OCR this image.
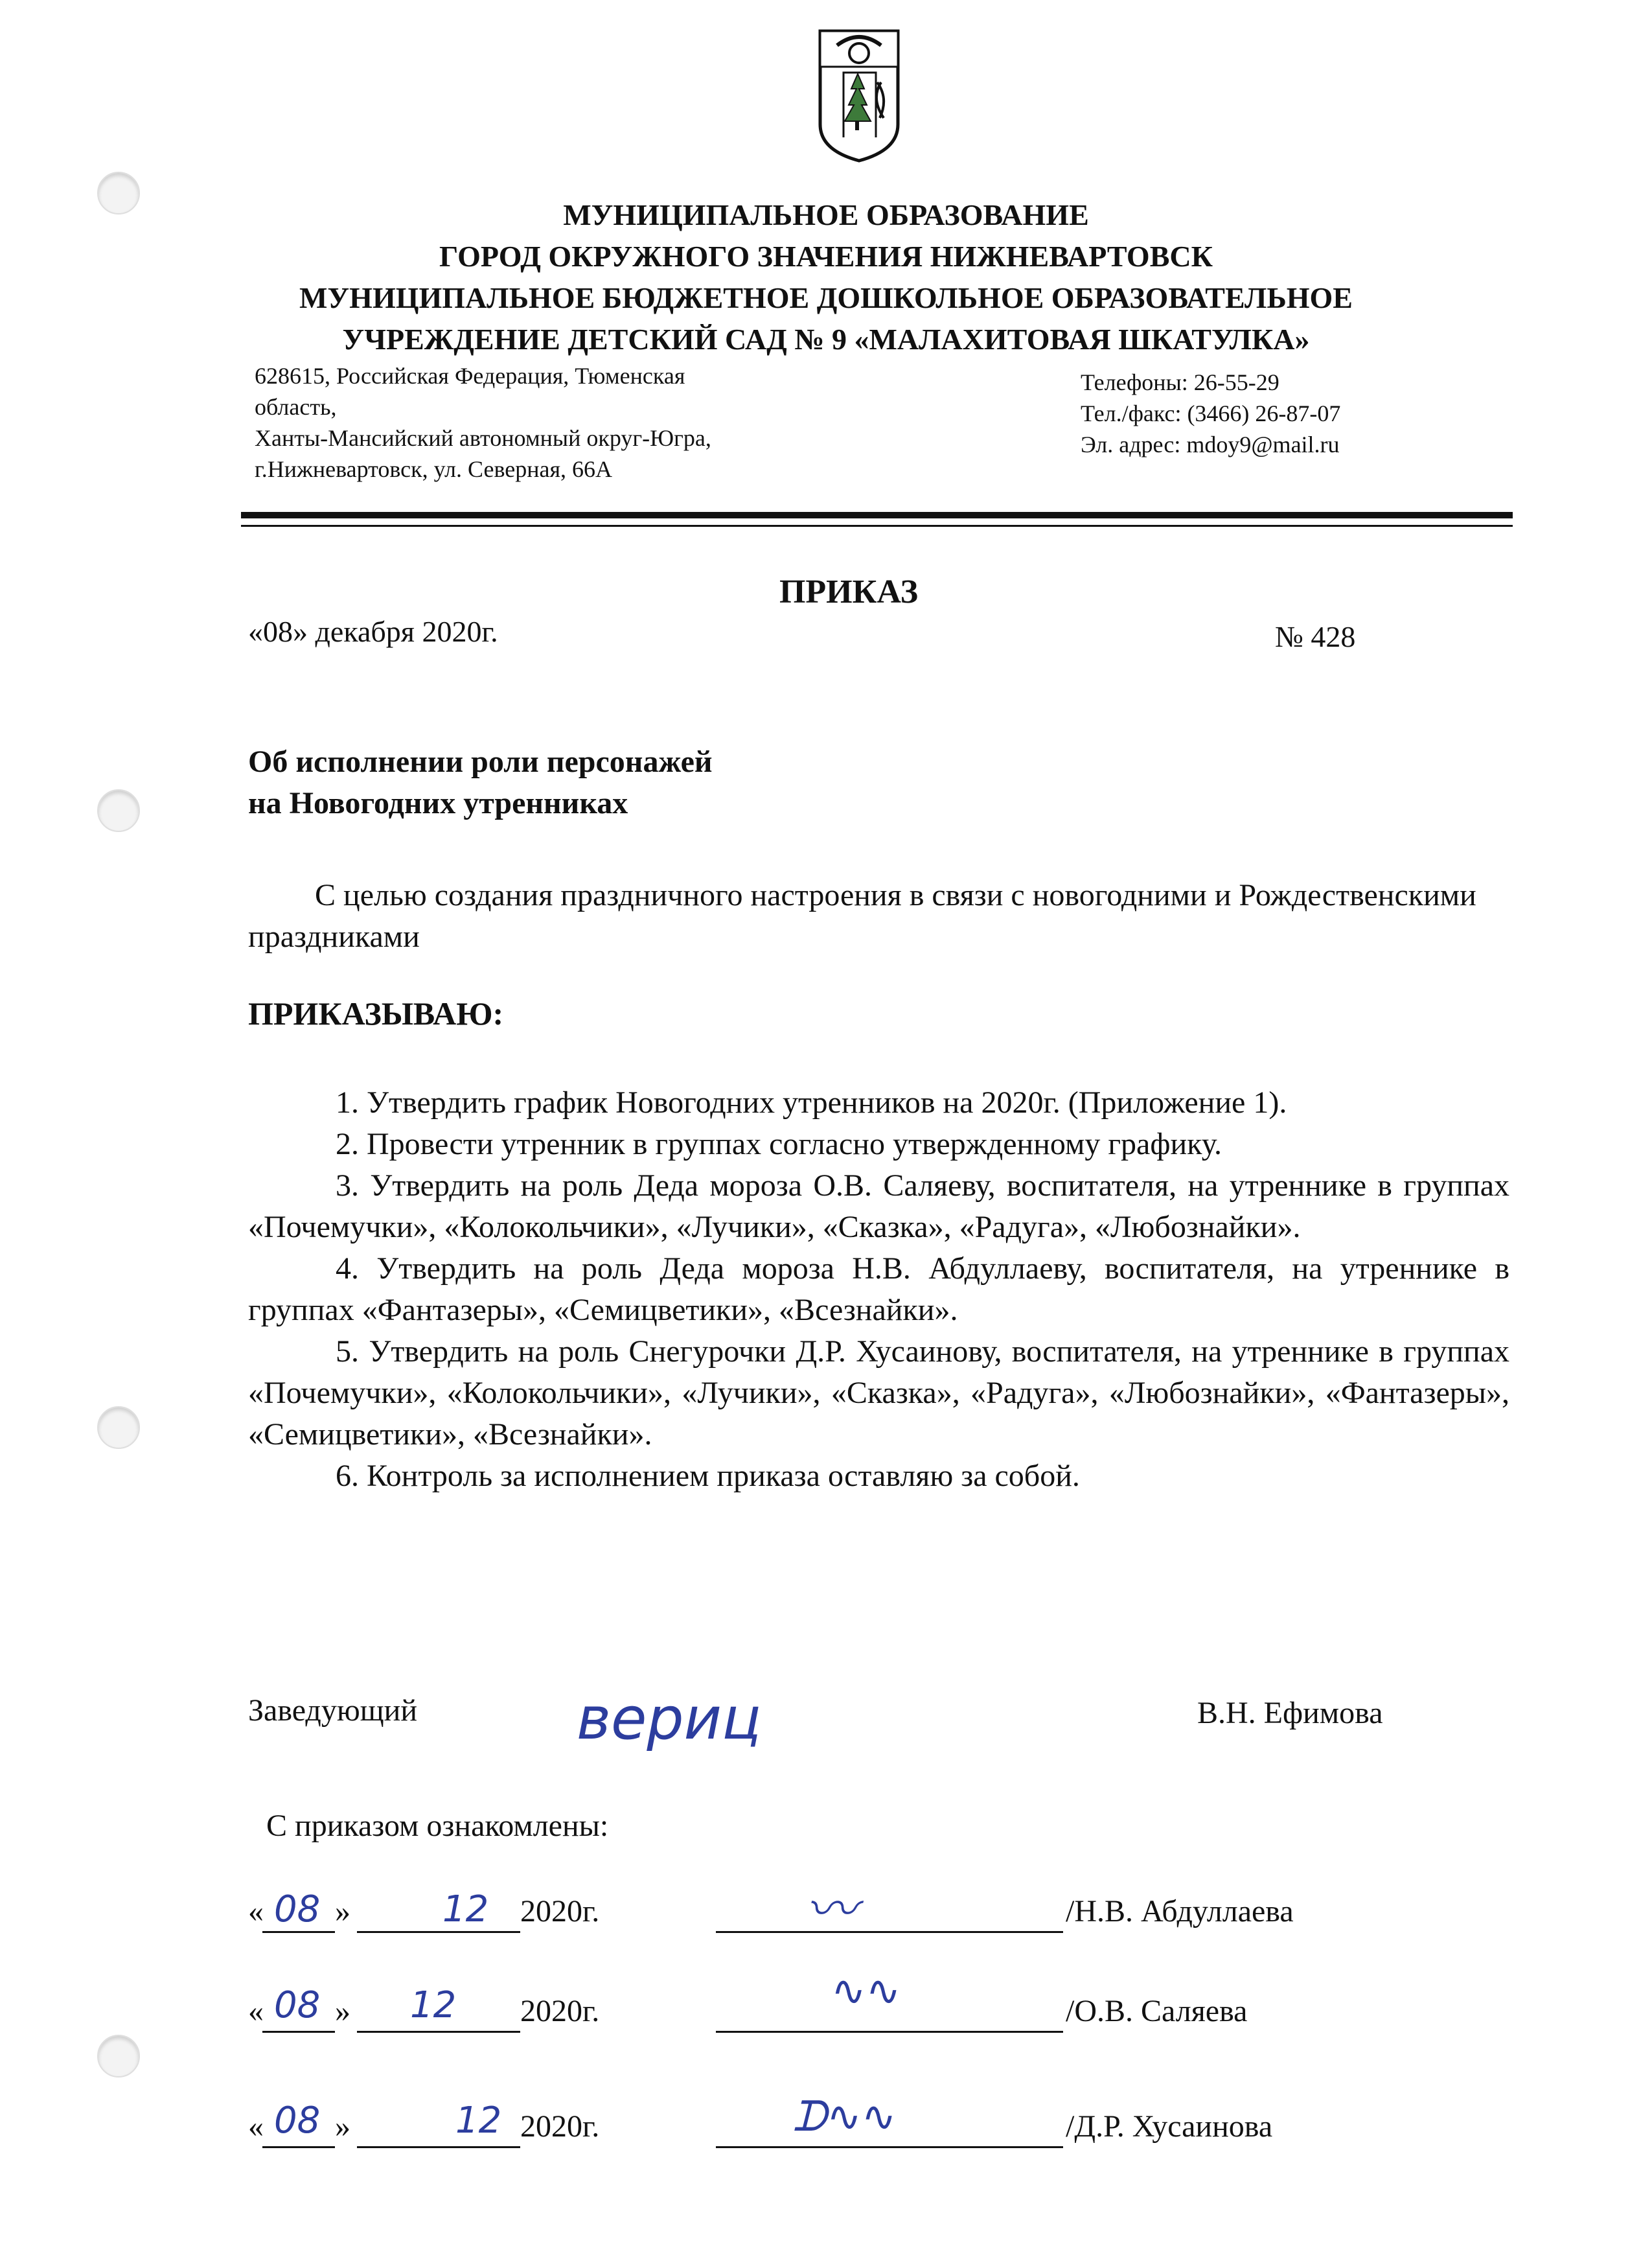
МУНИЦИПАЛЬНОЕ ОБРАЗОВАНИЕ
ГОРОД ОКРУЖНОГО ЗНАЧЕНИЯ НИЖНЕВАРТОВСК
МУНИЦИПАЛЬНОЕ БЮДЖЕТНОЕ ДОШКОЛЬНОЕ ОБРАЗОВАТЕЛЬНОЕ
УЧРЕЖДЕНИЕ ДЕТСКИЙ САД № 9 «МАЛАХИТОВАЯ ШКАТУЛКА»
628615, Российская Федерация, Тюменская
область,
Ханты-Мансийский автономный округ-Югра,
г.Нижневартовск, ул. Северная, 66А
Телефоны: 26-55-29
Тел./факс: (3466) 26-87-07
Эл. адрес: mdoy9@mail.ru
ПРИКАЗ
«08» декабря 2020г.	№ 428
Об исполнении роли персонажей
на Новогодних утренниках
С целью создания праздничного настроения в связи с новогодними и Рождественскими праздниками
ПРИКАЗЫВАЮ:

1. Утвердить график Новогодних утренников на 2020г. (Приложение 1).

2. Провести утренник в группах согласно утвержденному графику.

3. Утвердить на роль Деда мороза О.В. Саляеву, воспитателя, на утреннике в группах «Почемучки», «Колокольчики», «Лучики», «Сказка», «Радуга», «Любознайки».

4. Утвердить на роль Деда мороза Н.В. Абдуллаеву, воспитателя, на утреннике в группах «Фантазеры», «Семицветики», «Всезнайки».

5. Утвердить на роль Снегурочки Д.Р. Хусаинову, воспитателя, на утреннике в группах «Почемучки», «Колокольчики», «Лучики», «Сказка», «Радуга», «Любознайки», «Фантазеры», «Семицветики», «Всезнайки».

6. Контроль за исполнением приказа оставляю за собой.

Заведующий	вериц	В.Н. Ефимова
С приказом ознакомлены:
« 08 »	12 2020г.	〰	/Н.В. Абдуллаева
« 08 » 12 2020г.	∿∿	/О.В. Саляева
« 08 »	12 2020г.	ᗪ∿∿	/Д.Р. Хусаинова
